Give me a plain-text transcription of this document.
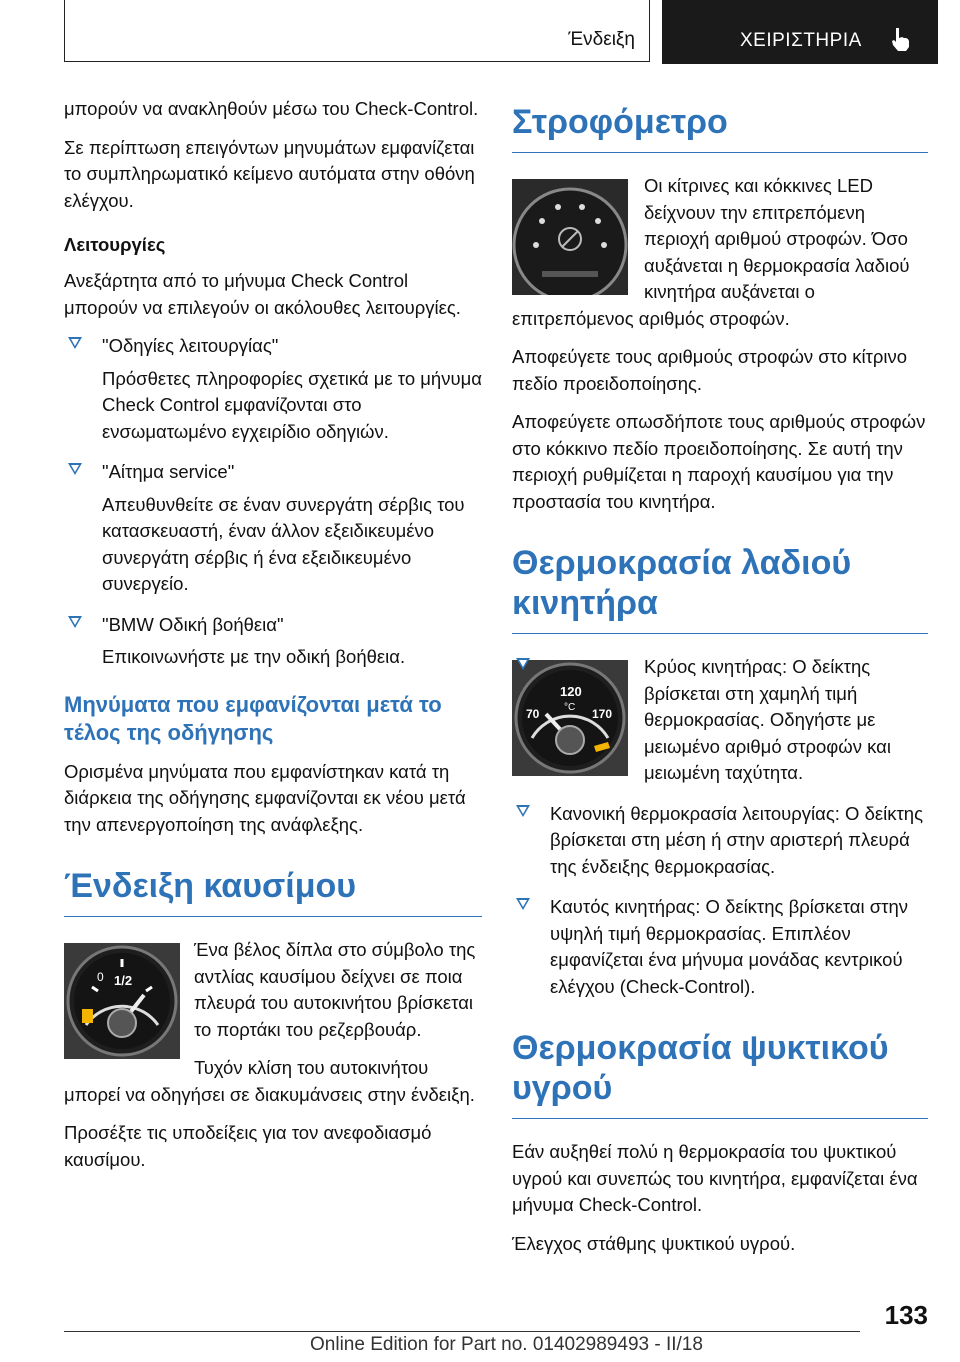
Ένδειξη	ΧΕΙΡΙΣΤΗΡΙΑ

μπορούν να ανακληθούν μέσω του Check-Control.

Σε περίπτωση επειγόντων μηνυμάτων εμφανίζεται το συμπληρωματικό κείμενο αυτόματα στην οθόνη ελέγχου.

Λειτουργίες

Ανεξάρτητα από το μήνυμα Check Control μπορούν να επιλεγούν οι ακόλουθες λειτουργίες.

"Οδηγίες λειτουργίας"

Πρόσθετες πληροφορίες σχετικά με το μήνυμα Check Control εμφανίζονται στο ενσωματωμένο εγχειρίδιο οδηγιών.

"Αίτημα service"

Απευθυνθείτε σε έναν συνεργάτη σέρβις του κατασκευαστή, έναν άλλον εξειδικευμένο συνεργάτη σέρβις ή ένα εξειδικευμένο συνεργείο.

"BMW Οδική βοήθεια"

Επικοινωνήστε με την οδική βοήθεια.

Μηνύματα που εμφανίζονται μετά το τέλος της οδήγησης

Ορισμένα μηνύματα που εμφανίστηκαν κατά τη διάρκεια της οδήγησης εμφανίζονται εκ νέου μετά την απενεργοποίηση της ανάφλεξης.

Ένδειξη καυσίμου
0 1/2

Ένα βέλος δίπλα στο σύμβολο της αντλίας καυσίμου δείχνει σε ποια πλευρά του αυτοκινήτου βρίσκεται το πορτάκι του ρεζερβουάρ.

Τυχόν κλίση του αυτοκινήτου μπορεί να οδηγήσει σε διακυμάνσεις στην ένδειξη.

Προσέξτε τις υποδείξεις για τον ανεφοδιασμό καυσίμου.

Στροφόμετρο

Οι κίτρινες και κόκκινες LED δείχνουν την επιτρεπόμενη περιοχή αριθμού στροφών. Όσο αυξάνεται η θερμοκρασία λαδιού κινητήρα αυξάνεται ο επιτρεπόμενος αριθμός στροφών.

Αποφεύγετε τους αριθμούς στροφών στο κίτρινο πεδίο προειδοποίησης.

Αποφεύγετε οπωσδήποτε τους αριθμούς στροφών στο κόκκινο πεδίο προειδοποίησης. Σε αυτή την περιοχή ρυθμίζεται η παροχή καυσίμου για την προστασία του κινητήρα.

Θερμοκρασία λαδιού κινητήρα
120
°C
70	170

Κρύος κινητήρας: Ο δείκτης βρίσκεται στη χαμηλή τιμή θερμοκρασίας. Οδηγήστε με μειωμένο αριθμό στροφών και μειωμένη ταχύτητα.

Κανονική θερμοκρασία λειτουργίας: Ο δείκτης βρίσκεται στη μέση ή στην αριστερή πλευρά της ένδειξης θερμοκρασίας.

Καυτός κινητήρας: Ο δείκτης βρίσκεται στην υψηλή τιμή θερμοκρασίας. Επιπλέον εμφανίζεται ένα μήνυμα μονάδας κεντρικού ελέγχου (Check-Control).

Θερμοκρασία ψυκτικού υγρού

Εάν αυξηθεί πολύ η θερμοκρασία του ψυκτικού υγρού και συνεπώς του κινητήρα, εμφανίζεται ένα μήνυμα Check-Control.

Έλεγχος στάθμης ψυκτικού υγρού.

133
Online Edition for Part no. 01402989493 - II/18
